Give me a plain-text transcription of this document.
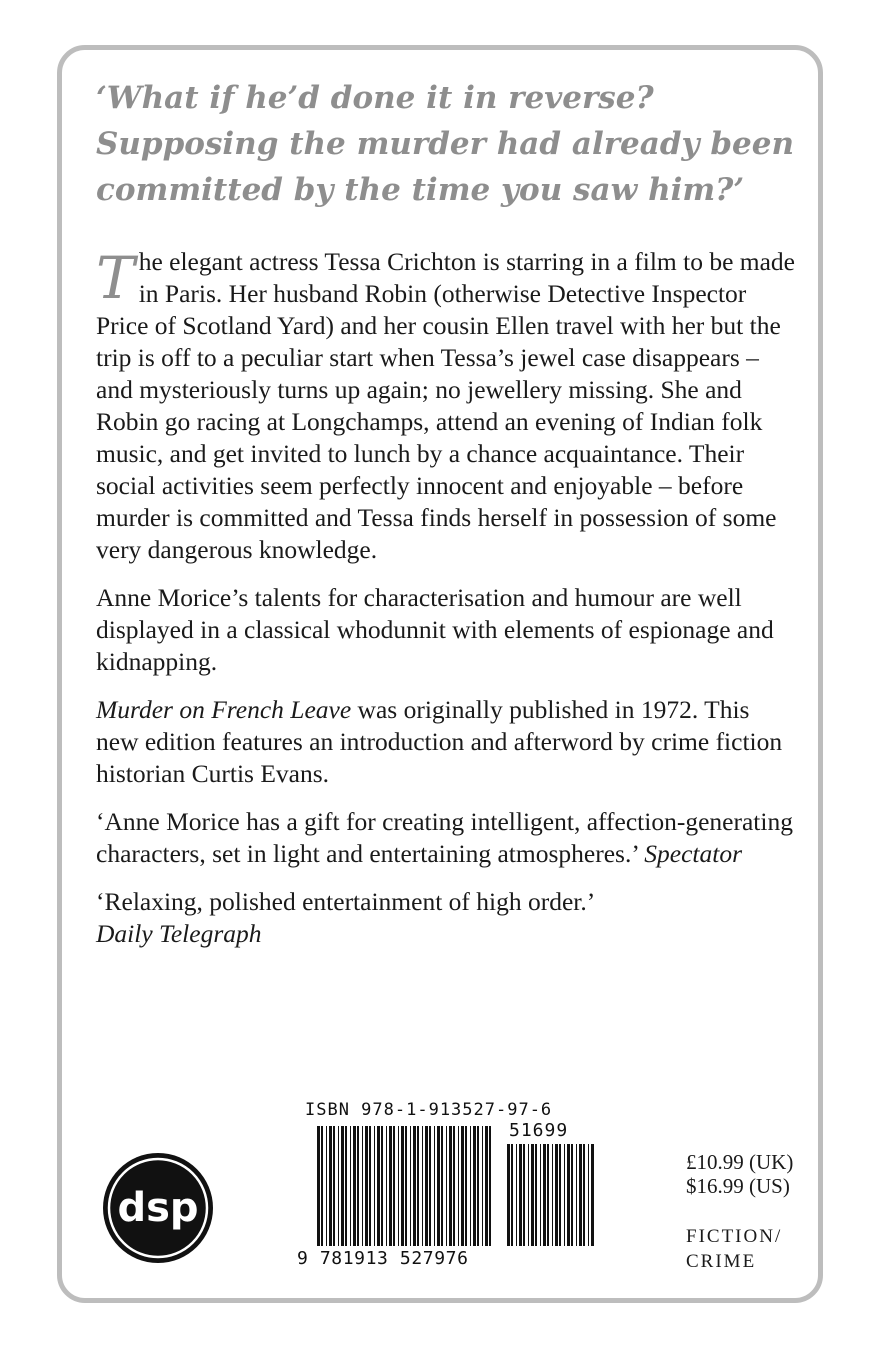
‘What if he’d done it in reverse?
Supposing the murder had already been
committed by the time you saw him?’

The elegant actress Tessa Crichton is starring in a film to be made in Paris. Her husband Robin (otherwise Detective Inspector Price of Scotland Yard) and her cousin Ellen travel with her but the trip is off to a peculiar start when Tessa’s jewel case disappears – and mysteriously turns up again; no jewellery missing. She and Robin go racing at Longchamps, attend an evening of Indian folk music, and get invited to lunch by a chance acquaintance. Their social activities seem perfectly innocent and enjoyable – before murder is committed and Tessa finds herself in possession of some very dangerous knowledge.

Anne Morice’s talents for characterisation and humour are well displayed in a classical whodunnit with elements of espionage and kidnapping.

Murder on French Leave was originally published in 1972. This new edition features an introduction and afterword by crime fiction historian Curtis Evans.

‘Anne Morice has a gift for creating intelligent, affection-generating characters, set in light and entertaining atmospheres.’ Spectator

‘Relaxing, polished entertainment of high order.’
Daily Telegraph

dsp
ISBN 978-1-913527-97-6
51699
9 781913 527976
£10.99 (UK)
$16.99 (US)
FICTION/
CRIME
